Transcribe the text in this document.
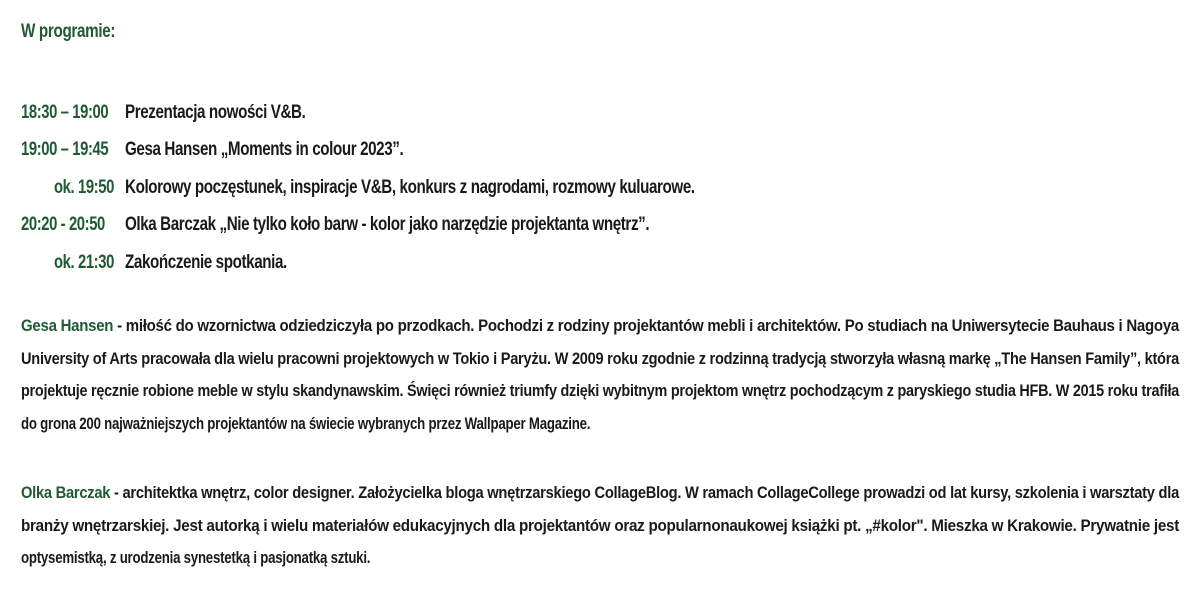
W programie:
18:30 – 19:00 Prezentacja nowości V&B.
19:00 – 19:45 Gesa Hansen „Moments in colour 2023”.
ok. 19:50 Kolorowy poczęstunek, inspiracje V&B, konkurs z nagrodami, rozmowy kuluarowe.
20:20 - 20:50	Olka Barczak „Nie tylko koło barw - kolor jako narzędzie projektanta wnętrz”.
ok. 21:30 Zakończenie spotkania.
Gesa Hansen - miłość do wzornictwa odziedziczyła po przodkach. Pochodzi z rodziny projektantów mebli i architektów. Po studiach na Uniwersytecie Bauhaus i Nagoya
University of Arts pracowała dla wielu pracowni projektowych w Tokio i Paryżu. W 2009 roku zgodnie z rodzinną tradycją stworzyła własną markę „The Hansen Family”, która
projektuje ręcznie robione meble w stylu skandynawskim. Święci również triumfy dzięki wybitnym projektom wnętrz pochodzącym z paryskiego studia HFB. W 2015 roku trafiła
do grona 200 najważniejszych projektantów na świecie wybranych przez Wallpaper Magazine.
Olka Barczak - architektka wnętrz, color designer. Założycielka bloga wnętrzarskiego CollageBlog. W ramach CollageCollege prowadzi od lat kursy, szkolenia i warsztaty dla
branży wnętrzarskiej. Jest autorką i wielu materiałów edukacyjnych dla projektantów oraz popularnonaukowej książki pt. „#kolor". Mieszka w Krakowie. Prywatnie jest
optysemistką, z urodzenia synestetką i pasjonatką sztuki.
